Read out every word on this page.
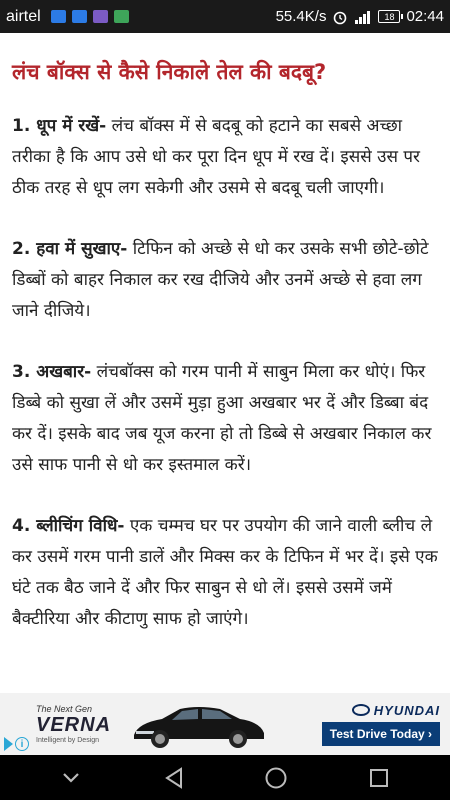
airtel	55.4K/s	18 02:44
लंच बॉक्स से कैसे निकाले तेल की बदबू?

1. धूप में रखें- लंच बॉक्स में से बदबू को हटाने का सबसे अच्छा तरीका है कि आप उसे धो कर पूरा दिन धूप में रख दें। इससे उस पर ठीक तरह से धूप लग सकेगी और उसमे से बदबू चली जाएगी।

2. हवा में सुखाए- टिफिन को अच्छे से धो कर उसके सभी छोटे-छोटे डिब्बों को बाहर निकाल कर रख दीजिये और उनमें अच्छे से हवा लग जाने दीजिये।

3. अखबार- लंचबॉक्स को गरम पानी में साबुन मिला कर धोएं। फिर डिब्बे को सुखा लें और उसमें मुड़ा हुआ अखबार भर दें और डिब्बा बंद कर दें। इसके बाद जब यूज करना हो तो डिब्बे से अखबार निकाल कर उसे साफ पानी से धो कर इस्तमाल करें।

4. ब्लीचिंग विधि- एक चम्मच घर पर उपयोग की जाने वाली ब्लीच ले कर उसमें गरम पानी डालें और मिक्स कर के टिफिन में भर दें। इसे एक घंटे तक बैठ जाने दें और फिर साबुन से धो लें। इससे उसमें जमें बैक्टीरिया और कीटाणु साफ हो जाएंगे।

The Next Gen
VERNA
Intelligent by Design
HYUNDAI
Test Drive Today ›
i
